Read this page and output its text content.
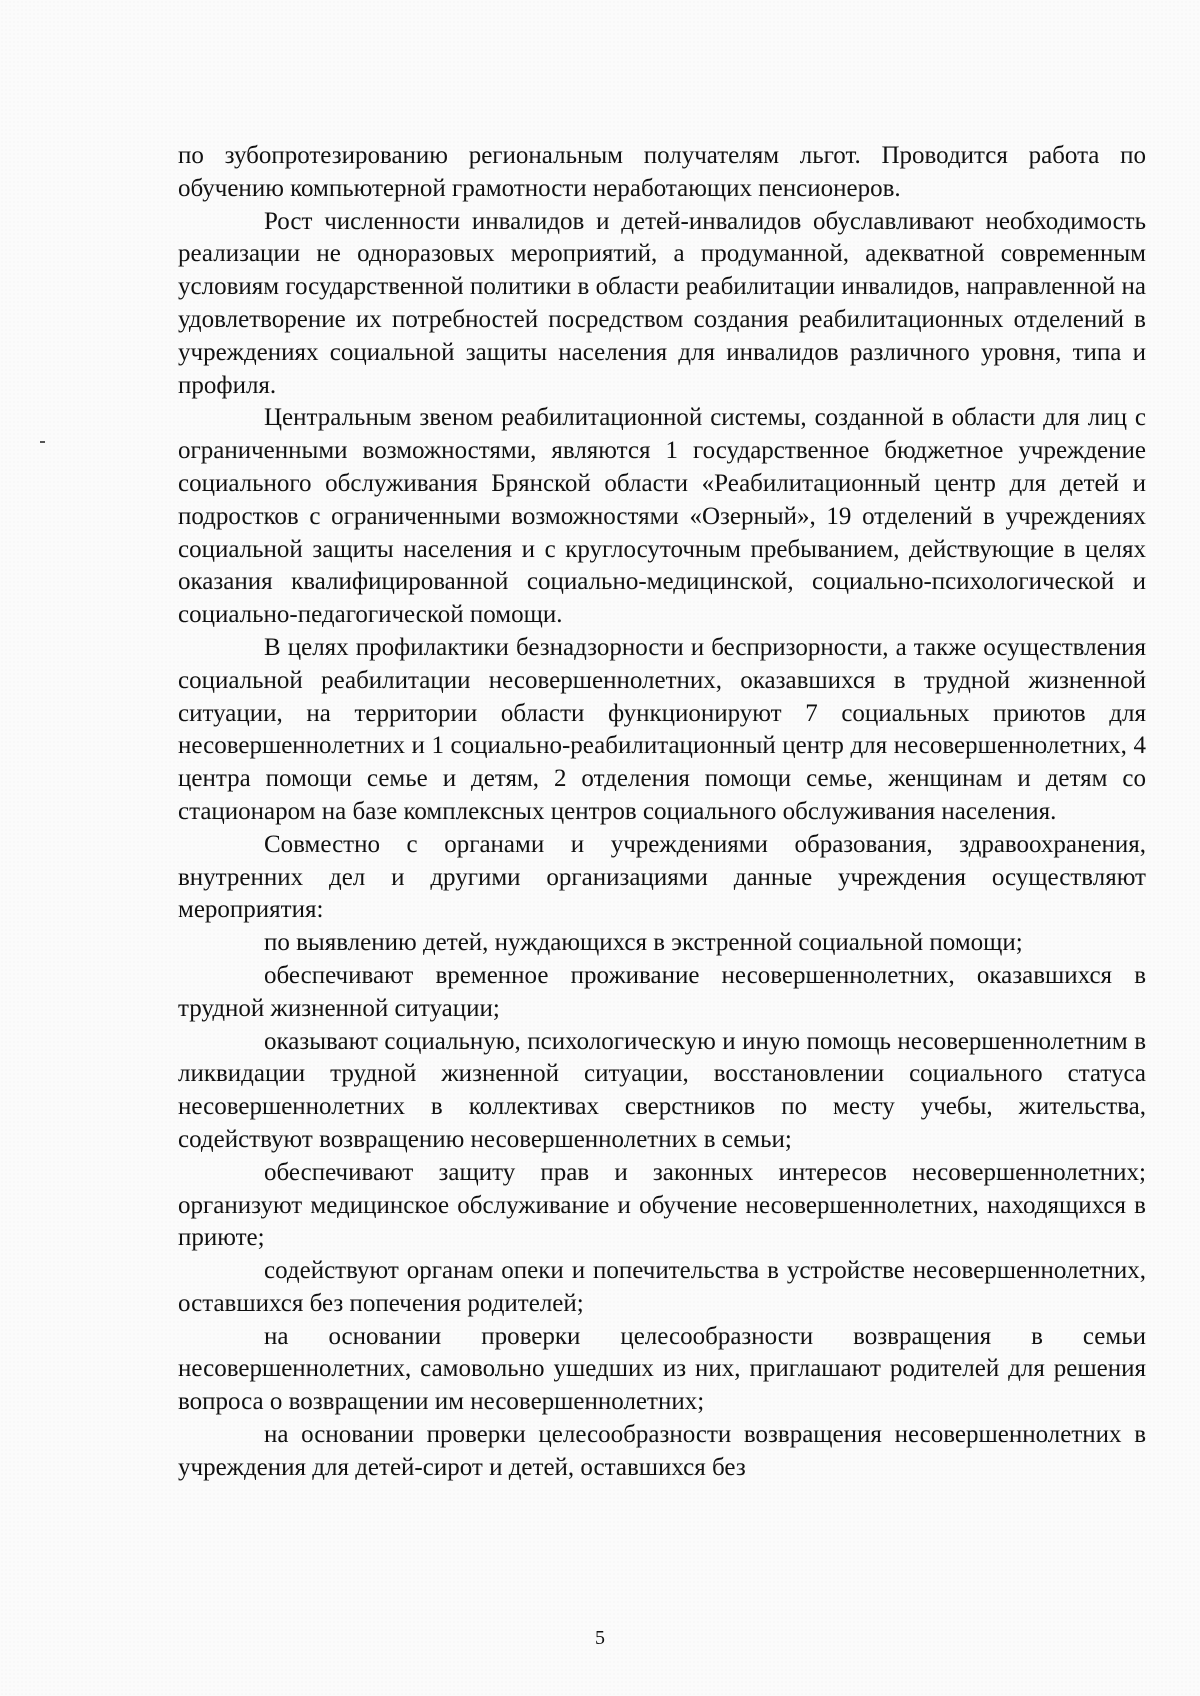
по зубопротезированию региональным получателям льгот. Проводится работа по обучению компьютерной грамотности неработающих пенсионеров.

Рост численности инвалидов и детей-инвалидов обуславливают необходимость реализации не одноразовых мероприятий, а продуманной, адекватной современным условиям государственной политики в области реабилитации инвалидов, направленной на удовлетворение их потребностей посредством создания реабилитационных отделений в учреждениях социальной защиты населения для инвалидов различного уровня, типа и профиля.

Центральным звеном реабилитационной системы, созданной в области для лиц с ограниченными возможностями, являются 1 государственное бюджетное учреждение социального обслуживания Брянской области «Реабилитационный центр для детей и подростков с ограниченными возможностями «Озерный», 19 отделений в учреждениях социальной защиты населения и с круглосуточным пребыванием, действующие в целях оказания квалифицированной социально-медицинской, социально-психологической и социально-педагогической помощи.

В целях профилактики безнадзорности и беспризорности, а также осуществления социальной реабилитации несовершеннолетних, оказавшихся в трудной жизненной ситуации, на территории области функционируют 7 социальных приютов для несовершеннолетних и 1 социально-реабилитационный центр для несовершеннолетних, 4 центра помощи семье и детям, 2 отделения помощи семье, женщинам и детям со стационаром на базе комплексных центров социального обслуживания населения.

Совместно с органами и учреждениями образования, здравоохранения, внутренних дел и другими организациями данные учреждения осуществляют мероприятия:

по выявлению детей, нуждающихся в экстренной социальной помощи;

обеспечивают временное проживание несовершеннолетних, оказавшихся в трудной жизненной ситуации;

оказывают социальную, психологическую и иную помощь несовершеннолетним в ликвидации трудной жизненной ситуации, восстановлении социального статуса несовершеннолетних в коллективах сверстников по месту учебы, жительства, содействуют возвращению несовершеннолетних в семьи;

обеспечивают защиту прав и законных интересов несовершеннолетних; организуют медицинское обслуживание и обучение несовершеннолетних, находящихся в приюте;

содействуют органам опеки и попечительства в устройстве несовершеннолетних, оставшихся без попечения родителей;

на основании проверки целесообразности возвращения в семьи несовершеннолетних, самовольно ушедших из них, приглашают родителей для решения вопроса о возвращении им несовершеннолетних;

на основании проверки целесообразности возвращения несовершеннолетних в учреждения для детей-сирот и детей, оставшихся без

5
